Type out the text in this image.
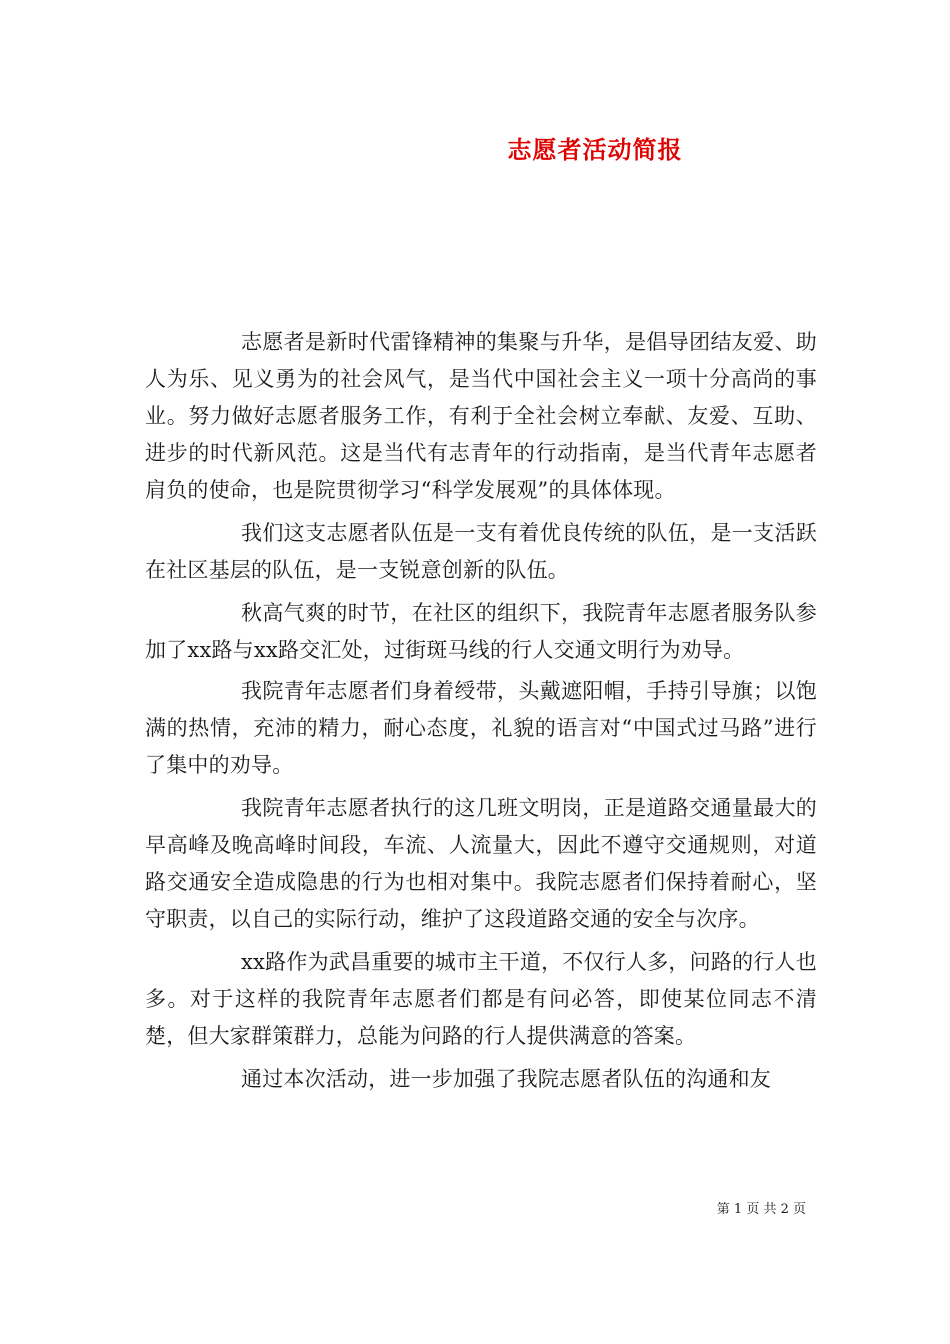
志愿者活动简报

志愿者是新时代雷锋精神的集聚与升华，是倡导团结友爱、助人为乐、见义勇为的社会风气，是当代中国社会主义一项十分高尚的事业。努力做好志愿者服务工作，有利于全社会树立奉献、友爱、互助、进步的时代新风范。这是当代有志青年的行动指南，是当代青年志愿者肩负的使命，也是院贯彻学习“科学发展观”的具体体现。

我们这支志愿者队伍是一支有着优良传统的队伍，是一支活跃在社区基层的队伍，是一支锐意创新的队伍。

秋高气爽的时节，在社区的组织下，我院青年志愿者服务队参加了xx路与xx路交汇处，过街斑马线的行人交通文明行为劝导。

我院青年志愿者们身着绶带，头戴遮阳帽，手持引导旗；以饱满的热情，充沛的精力，耐心态度，礼貌的语言对“中国式过马路”进行了集中的劝导。

我院青年志愿者执行的这几班文明岗，正是道路交通量最大的早高峰及晚高峰时间段，车流、人流量大，因此不遵守交通规则，对道路交通安全造成隐患的行为也相对集中。我院志愿者们保持着耐心，坚守职责，以自己的实际行动，维护了这段道路交通的安全与次序。

xx路作为武昌重要的城市主干道，不仅行人多，问路的行人也多。对于这样的我院青年志愿者们都是有问必答，即使某位同志不清楚，但大家群策群力，总能为问路的行人提供满意的答案。

通过本次活动，进一步加强了我院志愿者队伍的沟通和友

第 1 页 共 2 页
